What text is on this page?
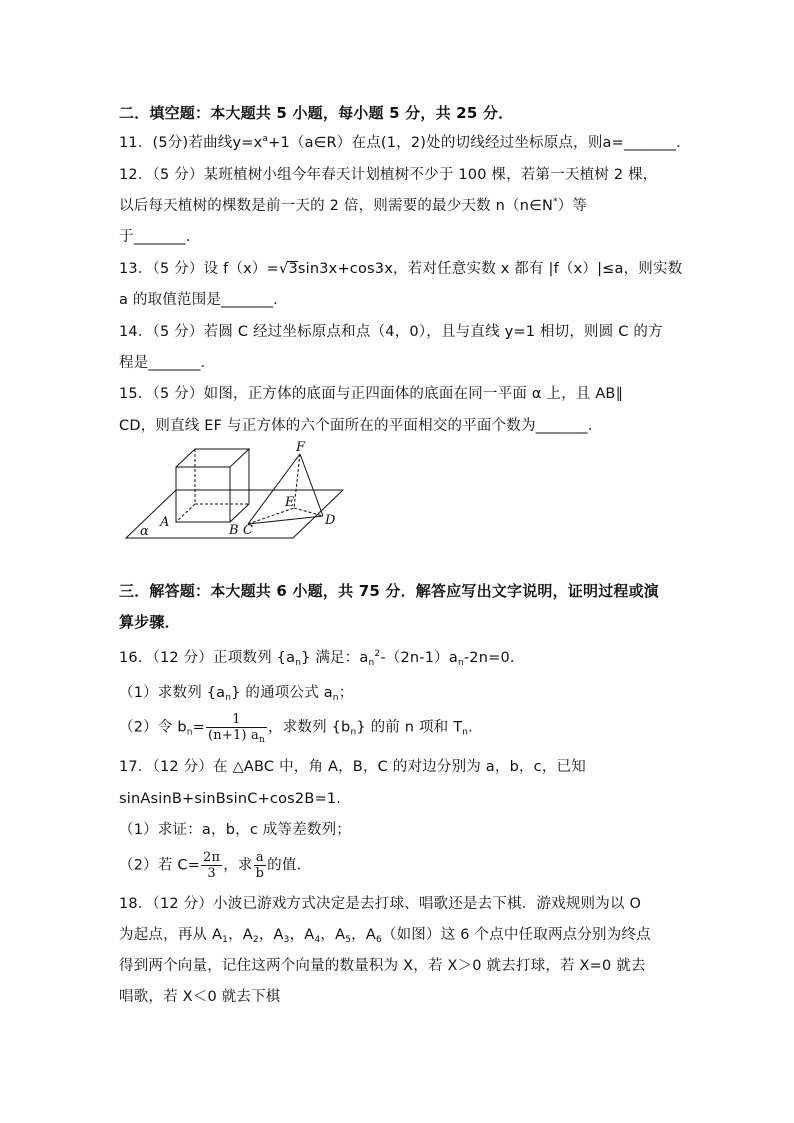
二．填空题：本大题共 5 小题，每小题 5 分，共 25 分．
11．(5分)若曲线$y=x^a+1(a\in R)$在点(1，2)处的切线经过坐标原点，则a=_______．
12．（5 分）某班植树小组今年春天计划植树不少于 100 棵，若第一天植树 2 棵，
以后每天植树的棵数是前一天的 2 倍，则需要的最少天数 n（n∈N*）等
于_______．
13．（5 分）设 f（x）=√3sin3x+cos3x，若对任意实数 x 都有 |f（x）|≤a，则实数
a 的取值范围是_______．
14．（5 分）若圆 C 经过坐标原点和点（4，0），且与直线 y=1 相切，则圆 C 的方
程是_______．
15．（5 分）如图，正方体的底面与正四面体的底面在同一平面 α 上，且 AB∥
CD，则直线 EF 与正方体的六个面所在的平面相交的平面个数为_______．
F
E
D
A
B C
α
三．解答题：本大题共 6 小题，共 75 分．解答应写出文字说明，证明过程或演
算步骤．
16．（12 分）正项数列 $\{a_n\}$ 满足：$a_n^2-(2n-1)a_n-2n=0$.
（1）求数列 $\{a_n\}$ 的通项公式 $a_n$；
（2）令 $b_n= \frac{1}{(n+1) a_n}$ ，求数列 $\{b_n\}$ 的前 n 项和 $T_n$.
17．（12 分）在 △ABC 中，角 A，B，C 的对边分别为 a，b，c，已知
sinAsinB+sinBsinC+cos2B=1.
（1）求证：a，b，c 成等差数列；
（2）若 $C= \frac{2\pi}{3}$ ，求 $\frac{a}{b}$ 的值．
18．（12 分）小波已游戏方式决定是去打球、唱歌还是去下棋．游戏规则为以 O
为起点，再从 $A_1$，$A_2$，$A_3$，$A_4$，$A_5$，$A_6$（如图）这 6 个点中任取两点分别为终点
得到两个向量，记住这两个向量的数量积为 X，若 X＞0 就去打球，若 X=0 就去
唱歌，若 X＜0 就去下棋
